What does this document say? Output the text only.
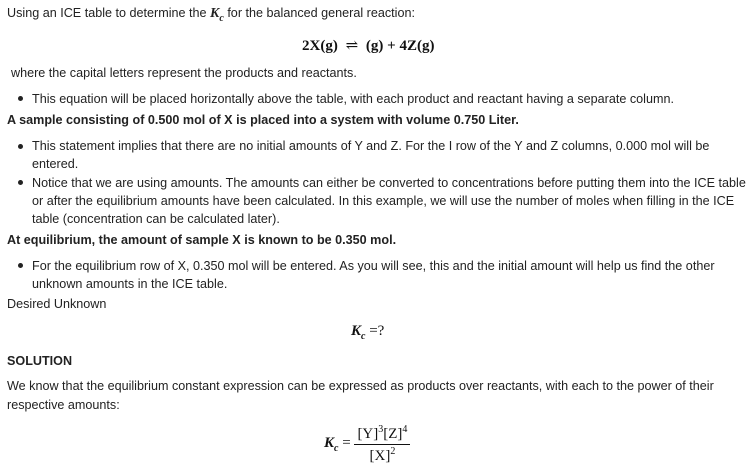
Using an ICE table to determine the $K_c$ for the balanced general reaction:
2X(g) ⇌ (g) + 4Z(g)
where the capital letters represent the products and reactants.
This equation will be placed horizontally above the table, with each product and reactant having a separate column.
A sample consisting of 0.500 mol of X is placed into a system with volume 0.750 Liter.
This statement implies that there are no initial amounts of Y and Z. For the I row of the Y and Z columns, 0.000 mol will be
entered.
Notice that we are using amounts. The amounts can either be converted to concentrations before putting them into the ICE table
or after the equilibrium amounts have been calculated. In this example, we will use the number of moles when filling in the ICE
table (concentration can be calculated later).
At equilibrium, the amount of sample X is known to be 0.350 mol.
For the equilibrium row of X, 0.350 mol will be entered. As you will see, this and the initial amount will help us find the other
unknown amounts in the ICE table.
Desired Unknown
$K_c$ =?
SOLUTION
We know that the equilibrium constant expression can be expressed as products over reactants, with each to the power of their
respective amounts:
$K_c = \frac{[Y]^3[Z]^4}{[X]^2}$
